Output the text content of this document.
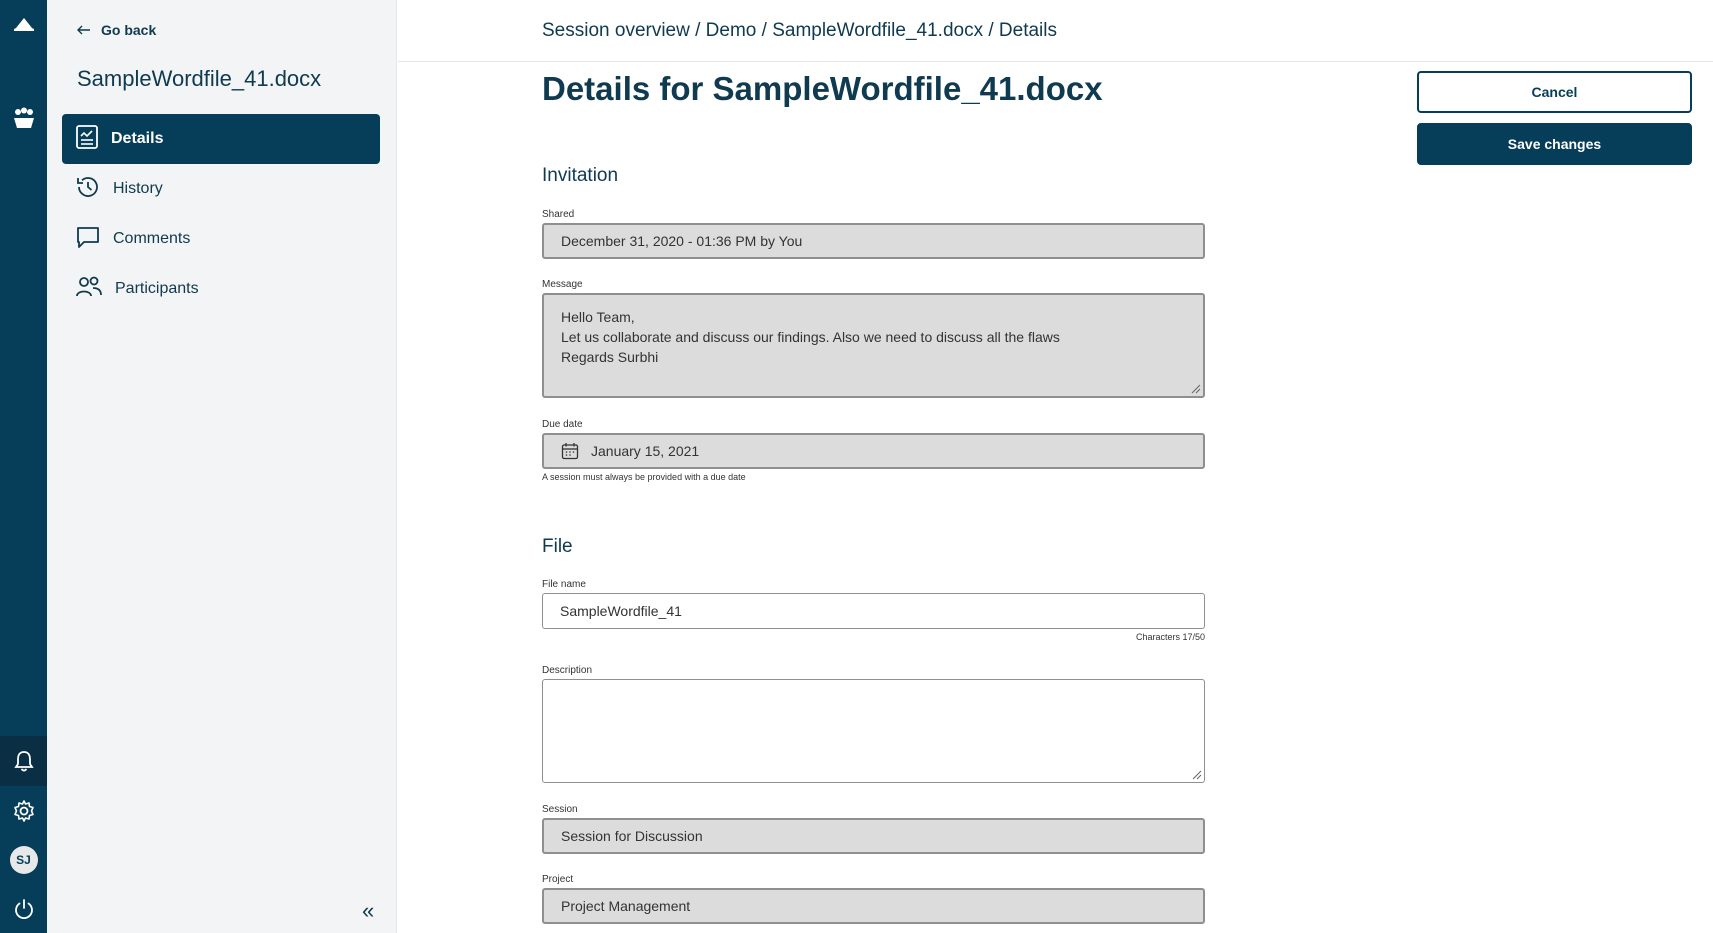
SJ
Go back
SampleWordfile_41.docx
Details
History
Comments
Participants
«
Session overview / Demo / SampleWordfile_41.docx / Details
Details for SampleWordfile_41.docx	Cancel
Save changes
Invitation
Shared
December 31, 2020 - 01:36 PM by You
Message
Hello Team,
Let us collaborate and discuss our findings. Also we need to discuss all the flaws
Regards Surbhi
Due date
January 15, 2021
A session must always be provided with a due date
File
File name
SampleWordfile_41
Characters 17/50
Description
Session
Session for Discussion
Project
Project Management
